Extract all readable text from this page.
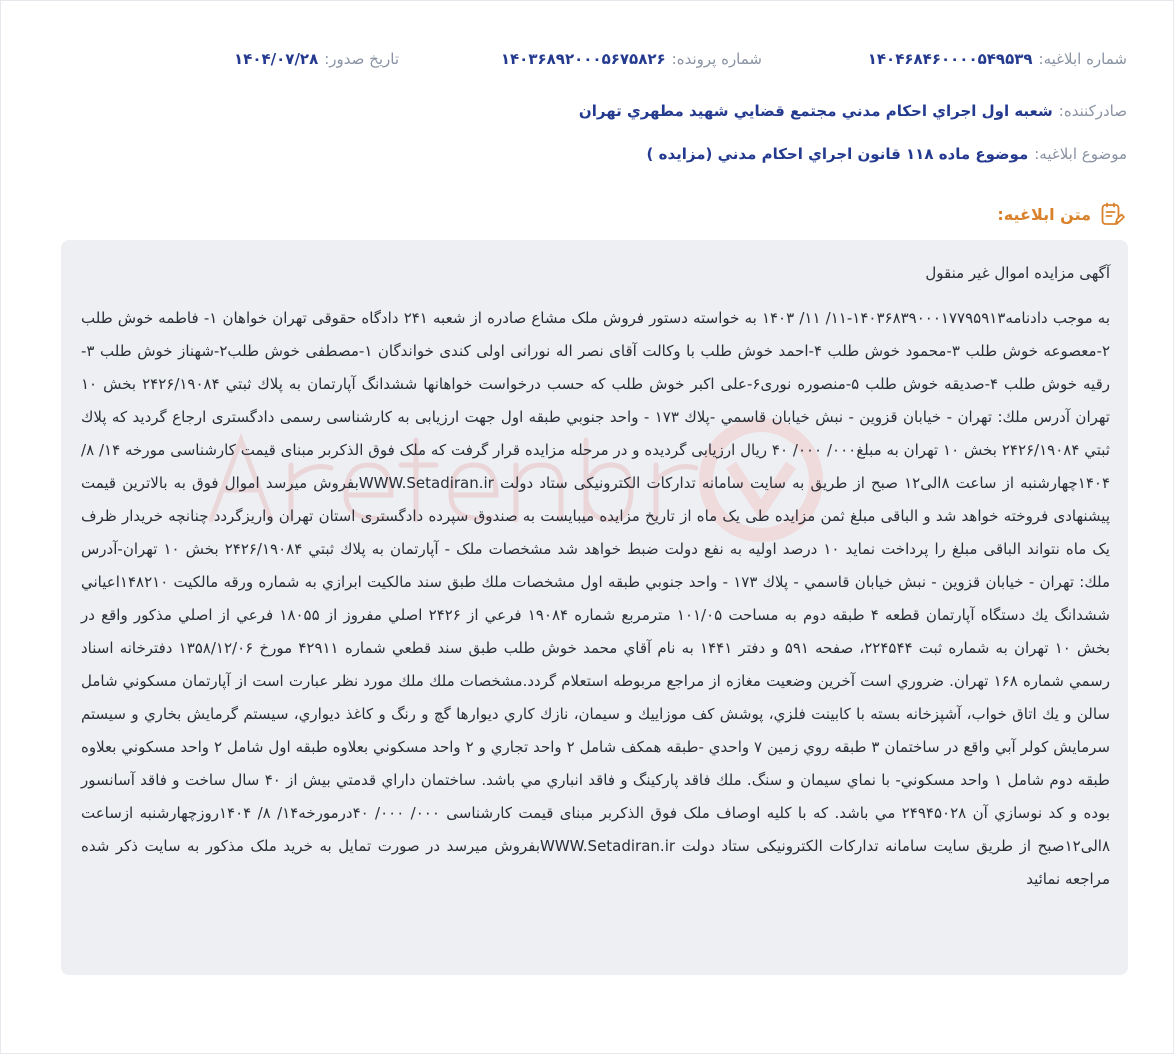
شماره ابلاغیه:
۱۴۰۴۶۸۴۶۰۰۰۰۵۴۹۵۳۹
شماره پرونده:
۱۴۰۳۶۸۹۲۰۰۰۵۶۷۵۸۲۶
تاریخ صدور:
۱۴۰۴/۰۷/۲۸
صادرکننده:
شعبه اول اجراي احكام مدني مجتمع قضايي شهيد مطهري تهران
موضوع ابلاغیه:
موضوع ماده ۱۱۸ قانون اجراي احكام مدني (مزايده )
متن ابلاغیه:
آگهی مزایده اموال غیر منقول
به موجب دادنامه۱۴۰۳۶۸۳۹۰۰۰۱۷۷۹۵۹۱۳-۱۱/ ۱۱/ ۱۴۰۳ به خواسته دستور فروش ملک مشاع صادره از شعبه ۲۴۱ دادگاه حقوقی تهران خواهان ۱- فاطمه خوش طلب ۲-معصوعه خوش طلب ۳-محمود خوش طلب ۴-احمد خوش طلب با وکالت آقای نصر اله نورانی اولی کندی خواندگان ۱-مصطفی خوش طلب۲-شهناز خوش طلب ۳-رقیه خوش طلب ۴-صدیقه خوش طلب ۵-منصوره نوری۶-علی اکبر خوش طلب که حسب درخواست خواهانها ششدانگ آپارتمان به پلاك ثبتي ۲۴۲۶/۱۹۰۸۴ بخش ۱۰ تهران آدرس ملك: تهران - خيابان قزوين - نبش خيابان قاسمي -پلاك ۱۷۳ - واحد جنوبي طبقه اول جهت ارزيابی به کارشناسی رسمی دادگستری ارجاع گردید که پلاك ثبتي ۲۴۲۶/۱۹۰۸۴ بخش ۱۰ تهران به مبلغ۰۰۰/ ۰۰۰/ ۴۰ ریال ارزیابی گردیده و در مرحله مزایده قرار گرفت که ملک فوق الذکربر مبنای قیمت کارشناسی مورخه ۱۴/ ۸/ ۱۴۰۴چهارشنبه از ساعت ۸الی۱۲ صبح از طریق به سایت سامانه تدارکات الکترونیکی ستاد دولت WWW.Setadiran.irبفروش میرسد اموال فوق به بالاترین قیمت پیشنهادی فروخته خواهد شد و الباقی مبلغ ثمن مزایده طی یک ماه از تاریخ مزایده میبایست به صندوق سپرده دادگستری استان تهران واریزگردد چنانچه خریدار ظرف یک ماه نتواند الباقی مبلغ را پرداخت نماید ۱۰ درصد اولیه به نفع دولت ضبط خواهد شد مشخصات ملک - آپارتمان به پلاك ثبتي ۲۴۲۶/۱۹۰۸۴ بخش ۱۰ تهران-آدرس ملك: تهران - خيابان قزوين - نبش خيابان قاسمي - پلاك ۱۷۳ - واحد جنوبي طبقه اول مشخصات ملك طبق سند مالكيت ابرازي به شماره ورقه مالكيت ۱۴۸۲۱۰اعياني ششدانگ يك دستگاه آپارتمان قطعه ۴ طبقه دوم به مساحت ۱۰۱/۰۵ مترمربع شماره ۱۹۰۸۴ فرعي از ۲۴۲۶ اصلي مفروز از ۱۸۰۵۵ فرعي از اصلي مذكور واقع در بخش ۱۰ تهران به شماره ثبت ۲۲۴۵۴۴، صفحه ۵۹۱ و دفتر ۱۴۴۱ به نام آقاي محمد خوش طلب طبق سند قطعي شماره ۴۲۹۱۱ مورخ ۱۳۵۸/۱۲/۰۶ دفترخانه اسناد رسمي شماره ۱۶۸ تهران. ضروري است آخرين وضعيت مغازه از مراجع مربوطه استعلام گردد.مشخصات ملك ملك مورد نظر عبارت است از آپارتمان مسكوني شامل سالن و يك اتاق خواب، آشپزخانه بسته با كابينت فلزي، پوشش كف موزاييك و سيمان، نازك كاري ديوارها گچ و رنگ و كاغذ ديواري، سيستم گرمايش بخاري و سيستم سرمايش كولر آبي واقع در ساختمان ۳ طبقه روي زمين ۷ واحدي -طبقه همكف شامل ۲ واحد تجاري و ۲ واحد مسكوني بعلاوه طبقه اول شامل ۲ واحد مسكوني بعلاوه طبقه دوم شامل ۱ واحد مسكوني- با نماي سيمان و سنگ. ملك فاقد پاركينگ و فاقد انباري مي باشد. ساختمان داراي قدمتي بيش از ۴۰ سال ساخت و فاقد آسانسور بوده و كد نوسازي آن ۲۴۹۴۵۰۲۸ مي باشد. که با کلیه اوصاف ملک فوق الذکربر مبنای قیمت کارشناسی ۰۰۰/ ۰۰۰/ ۴۰درمورخه۱۴/ ۸/ ۱۴۰۴روزچهارشنبه ازساعت ۸الی۱۲صبح از طریق سایت سامانه تدارکات الکترونیکی ستاد دولت WWW.Setadiran.irبفروش میرسد در صورت تمایل به خرید ملک مذکور به سایت ذکر شده مراجعه نمائید
